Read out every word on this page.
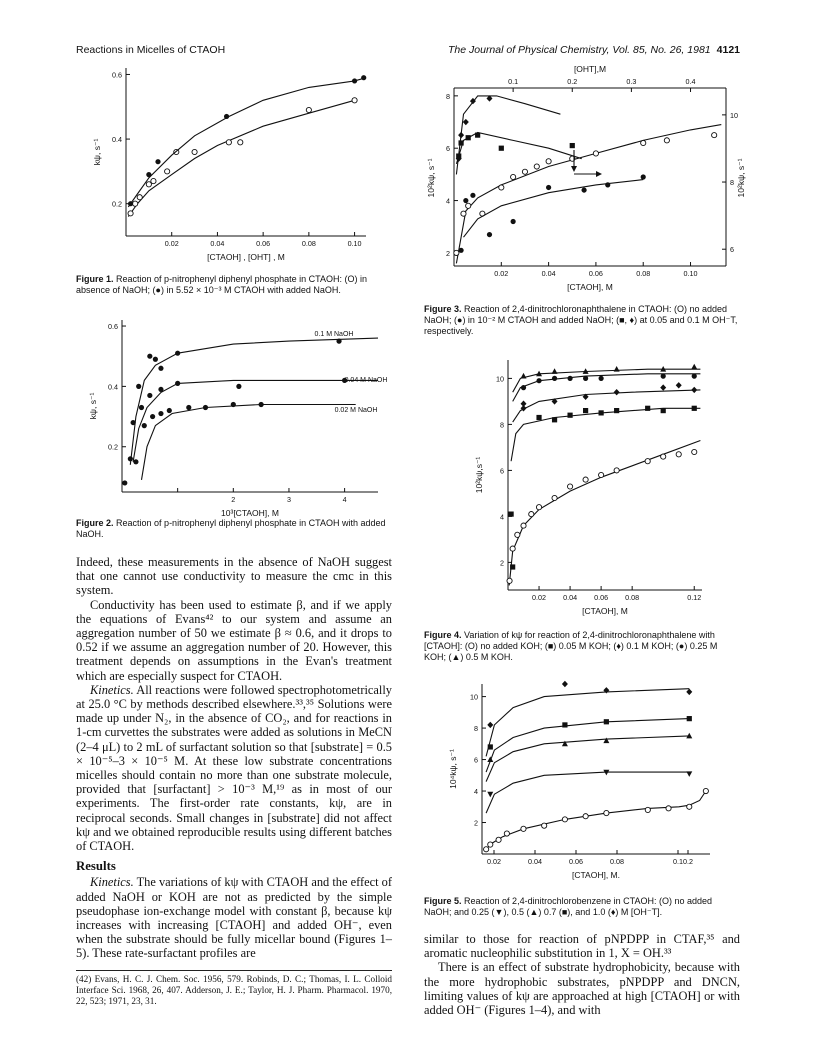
Reactions in Micelles of CTAOH	The Journal of Physical Chemistry, Vol. 85, No. 26, 1981 4121
0.02	0.04	0.06	0.08	0.10
0.2
0.4
0.6
[CTAOH] , [OHT] , M
kψ, s⁻¹
Figure 1. Reaction of p-nitrophenyl diphenyl phosphate in CTAOH: (O) in absence of NaOH; (●) in 5.52 × 10⁻³ M CTAOH with added NaOH.
2	3	4
0.2
0.4
0.6
10³[CTAOH], M
kψ, s⁻¹
0.1 M NaOH
0.04 M NaOH
0.02 M NaOH
Figure 2. Reaction of p-nitrophenyl diphenyl phosphate in CTAOH with added NaOH.

Indeed, these measurements in the absence of NaOH suggest that one cannot use conductivity to measure the cmc in this system.

Conductivity has been used to estimate β, and if we apply the equations of Evans⁴² to our system and assume an aggregation number of 50 we estimate β ≈ 0.6, and it drops to 0.52 if we assume an aggregation number of 20. However, this treatment depends on assumptions in the Evan's treatment which are especially suspect for CTAOH.

Kinetics. All reactions were followed spectrophotometrically at 25.0 °C by methods described elsewhere.³³,³⁵ Solutions were made up under N₂, in the absence of CO₂, and for reactions in 1-cm curvettes the substrates were added as solutions in MeCN (2–4 μL) to 2 mL of surfactant solution so that [substrate] = 0.5 × 10⁻⁵–3 × 10⁻⁵ M. At these low substrate concentrations micelles should contain no more than one substrate molecule, provided that [surfactant] > 10⁻³ M,¹⁹ as in most of our experiments. The first-order rate constants, kψ, are in reciprocal seconds. Small changes in [substrate] did not affect kψ and we obtained reproducible results using different batches of CTAOH.

Results

Kinetics. The variations of kψ with CTAOH and the effect of added NaOH or KOH are not as predicted by the simple pseudophase ion-exchange model with constant β, because kψ increases with increasing [CTAOH] and added OH⁻, even when the substrate should be fully micellar bound (Figures 1–5). These rate-surfactant profiles are

(42) Evans, H. C. J. Chem. Soc. 1956, 579. Robinds, D. C.; Thomas, I. L. Colloid Interface Sci. 1968, 26, 407. Adderson, J. E.; Taylor, H. J. Pharm. Pharmacol. 1970, 22, 523; 1971, 23, 31.
0.02	0.04	0.06	0.08	0.10
2
4
6
8
[CTAOH], M
0.1	0.2	0.3	0.4
[OHT],M
6
8
10
10²kψ, s⁻¹	10²kψ, s⁻¹
Figure 3. Reaction of 2,4-dinitrochloronaphthalene in CTAOH: (O) no added NaOH; (●) in 10⁻² M CTAOH and added NaOH; (■, ♦) at 0.05 and 0.1 M OH⁻T, respectively.
0.02 0.04 0.06 0.08	0.12
2
4
6
8
10
[CTAOH], M
10²kψ,s⁻¹
Figure 4. Variation of kψ for reaction of 2,4-dinitrochloronaphthalene with [CTAOH]: (O) no added KOH; (■) 0.05 M KOH; (♦) 0.1 M KOH; (●) 0.25 M KOH; (▲) 0.5 M KOH.
0.02	0.04	0.06	0.08	0.1 0.2
2
4
6
8
10
[CTAOH], M.
10⁴kψ, s⁻¹
Figure 5. Reaction of 2,4-dinitrochlorobenzene in CTAOH: (O) no added NaOH; and 0.25 (▼), 0.5 (▲) 0.7 (■), and 1.0 (♦) M [OH⁻T].

similar to those for reaction of pNPDPP in CTAF,³⁵ and aromatic nucleophilic substitution in 1, X = OH.³³

There is an effect of substrate hydrophobicity, because with the more hydrophobic substrates, pNPDPP and DNCN, limiting values of kψ are approached at high [CTAOH] or with added OH⁻ (Figures 1–4), and with
